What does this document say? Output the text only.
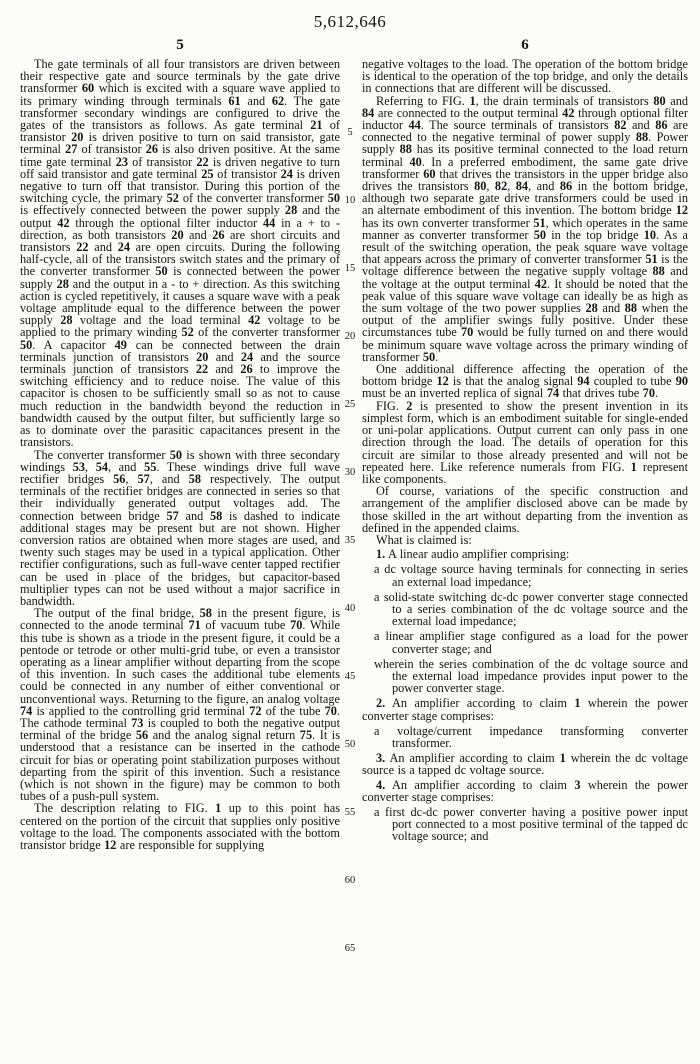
5,612,646
5

The gate terminals of all four transistors are driven between their respective gate and source terminals by the gate drive transformer 60 which is excited with a square wave applied to its primary winding through terminals 61 and 62. The gate transformer secondary windings are configured to drive the gates of the transistors as follows. As gate terminal 21 of transistor 20 is driven positive to turn on said transistor, gate terminal 27 of transistor 26 is also driven positive. At the same time gate terminal 23 of transistor 22 is driven negative to turn off said transistor and gate terminal 25 of transistor 24 is driven negative to turn off that transistor. During this portion of the switching cycle, the primary 52 of the converter transformer 50 is effectively connected between the power supply 28 and the output 42 through the optional filter inductor 44 in a + to - direction, as both transistors 20 and 26 are short circuits and transistors 22 and 24 are open circuits. During the following half-cycle, all of the transistors switch states and the primary of the converter transformer 50 is connected between the power supply 28 and the output in a - to + direction. As this switching action is cycled repetitively, it causes a square wave with a peak voltage amplitude equal to the difference between the power supply 28 voltage and the load terminal 42 voltage to be applied to the primary winding 52 of the converter transformer 50. A capacitor 49 can be connected between the drain terminals junction of transistors 20 and 24 and the source terminals junction of transistors 22 and 26 to improve the switching efficiency and to reduce noise. The value of this capacitor is chosen to be sufficiently small so as not to cause much reduction in the bandwidth beyond the reduction in bandwidth caused by the output filter, but sufficiently large so as to dominate over the parasitic capacitances present in the transistors.

The converter transformer 50 is shown with three secondary windings 53, 54, and 55. These windings drive full wave rectifier bridges 56, 57, and 58 respectively. The output terminals of the rectifier bridges are connected in series so that their individually generated output voltages add. The connection between bridge 57 and 58 is dashed to indicate additional stages may be present but are not shown. Higher conversion ratios are obtained when more stages are used, and twenty such stages may be used in a typical application. Other rectifier configurations, such as full-wave center tapped rectifier can be used in place of the bridges, but capacitor-based multiplier types can not be used without a major sacrifice in bandwidth.

The output of the final bridge, 58 in the present figure, is connected to the anode terminal 71 of vacuum tube 70. While this tube is shown as a triode in the present figure, it could be a pentode or tetrode or other multi-grid tube, or even a transistor operating as a linear amplifier without departing from the scope of this invention. In such cases the additional tube elements could be connected in any number of either conventional or unconventional ways. Returning to the figure, an analog voltage 74 is applied to the controlling grid terminal 72 of the tube 70. The cathode terminal 73 is coupled to both the negative output terminal of the bridge 56 and the analog signal return 75. It is understood that a resistance can be inserted in the cathode circuit for bias or operating point stabilization purposes without departing from the spirit of this invention. Such a resistance (which is not shown in the figure) may be common to both tubes of a push-pull system.

The description relating to FIG. 1 up to this point has centered on the portion of the circuit that supplies only positive voltage to the load. The components associated with the bottom transistor bridge 12 are responsible for supplying

5
10
15
20
25
30
35
40
45
50
55
60
65
6

negative voltages to the load. The operation of the bottom bridge is identical to the operation of the top bridge, and only the details in connections that are different will be discussed.

Referring to FIG. 1, the drain terminals of transistors 80 and 84 are connected to the output terminal 42 through optional filter inductor 44. The source terminals of transistors 82 and 86 are connected to the negative terminal of power supply 88. Power supply 88 has its positive terminal connected to the load return terminal 40. In a preferred embodiment, the same gate drive transformer 60 that drives the transistors in the upper bridge also drives the transistors 80, 82, 84, and 86 in the bottom bridge, although two separate gate drive transformers could be used in an alternate embodiment of this invention. The bottom bridge 12 has its own converter transformer 51, which operates in the same manner as converter transformer 50 in the top bridge 10. As a result of the switching operation, the peak square wave voltage that appears across the primary of converter transformer 51 is the voltage difference between the negative supply voltage 88 and the voltage at the output terminal 42. It should be noted that the peak value of this square wave voltage can ideally be as high as the sum voltage of the two power supplies 28 and 88 when the output of the amplifier swings fully positive. Under these circumstances tube 70 would be fully turned on and there would be minimum square wave voltage across the primary winding of transformer 50.

One additional difference affecting the operation of the bottom bridge 12 is that the analog signal 94 coupled to tube 90 must be an inverted replica of signal 74 that drives tube 70.

FIG. 2 is presented to show the present invention in its simplest form, which is an embodiment suitable for single-ended or uni-polar applications. Output current can only pass in one direction through the load. The details of operation for this circuit are similar to those already presented and will not be repeated here. Like reference numerals from FIG. 1 represent like components.

Of course, variations of the specific construction and arrangement of the amplifier disclosed above can be made by those skilled in the art without departing from the invention as defined in the appended claims.

What is claimed is:

1. A linear audio amplifier comprising:

a dc voltage source having terminals for connecting in series an external load impedance;

a solid-state switching dc-dc power converter stage connected to a series combination of the dc voltage source and the external load impedance;

a linear amplifier stage configured as a load for the power converter stage; and

wherein the series combination of the dc voltage source and the external load impedance provides input power to the power converter stage.

2. An amplifier according to claim 1 wherein the power converter stage comprises:

a voltage/current impedance transforming converter transformer.

3. An amplifier according to claim 1 wherein the dc voltage source is a tapped dc voltage source.

4. An amplifier according to claim 3 wherein the power converter stage comprises:

a first dc-dc power converter having a positive power input port connected to a most positive terminal of the tapped dc voltage source; and
